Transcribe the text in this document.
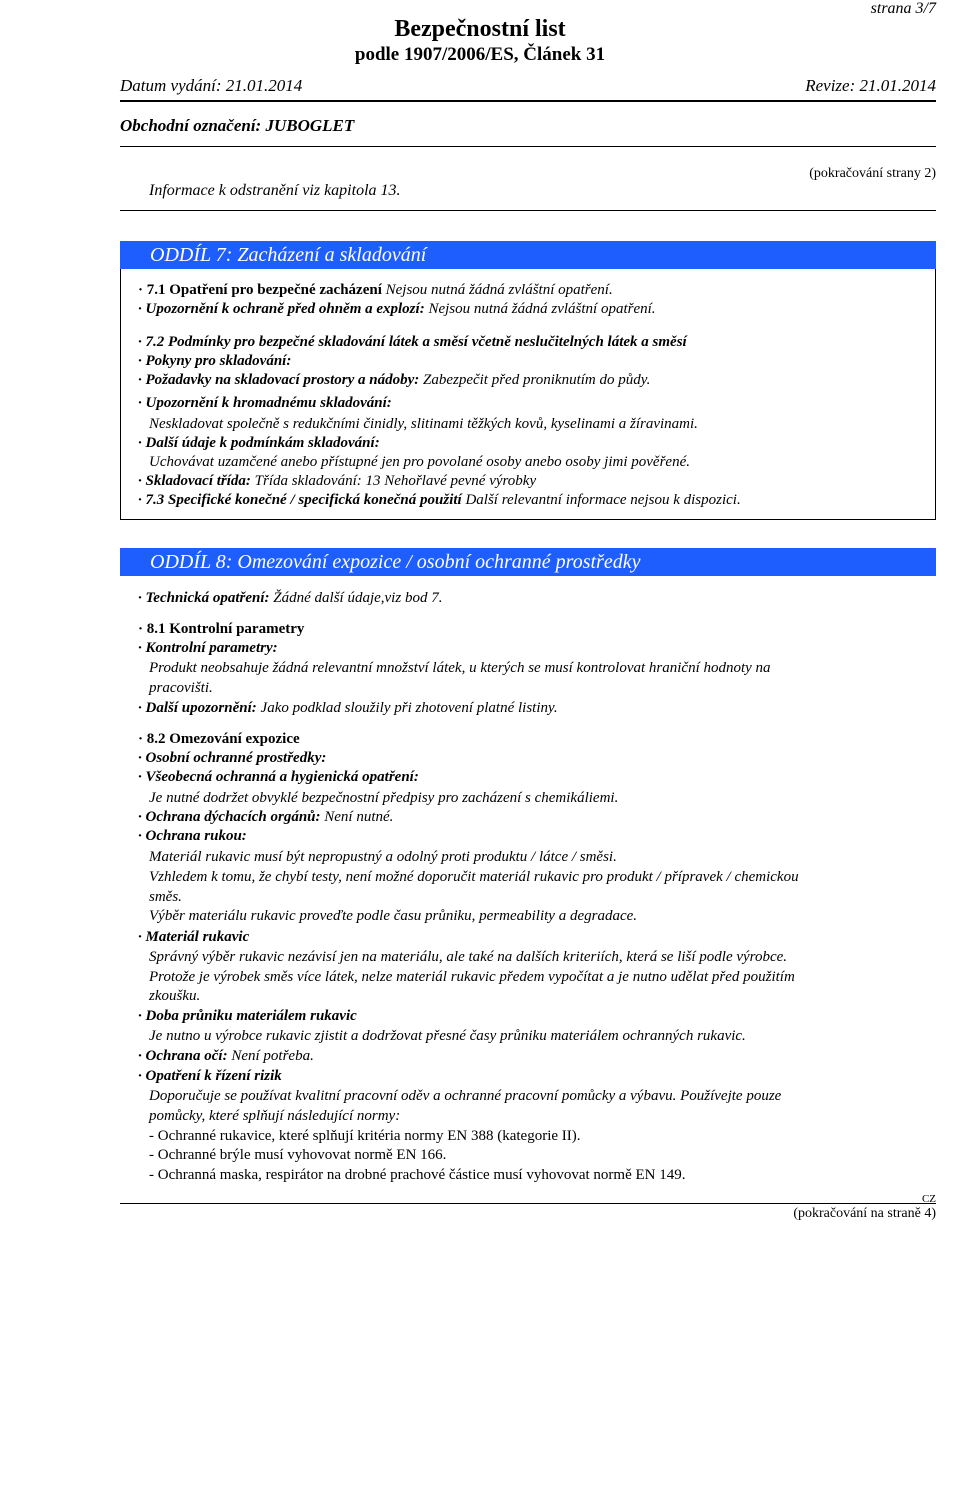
strana 3/7
Bezpečnostní list
podle 1907/2006/ES, Článek 31
Datum vydání: 21.01.2014	Revize: 21.01.2014
Obchodní označení: JUBOGLET
(pokračování strany 2)
Informace k odstranění viz kapitola 13.
ODDÍL 7: Zacházení a skladování
· 7.1 Opatření pro bezpečné zacházení Nejsou nutná žádná zvláštní opatření.
· Upozornění k ochraně před ohněm a explozí: Nejsou nutná žádná zvláštní opatření.
· 7.2 Podmínky pro bezpečné skladování látek a směsí včetně neslučitelných látek a směsí
· Pokyny pro skladování:
· Požadavky na skladovací prostory a nádoby: Zabezpečit před proniknutím do půdy.
· Upozornění k hromadnému skladování:
Neskladovat společně s redukčními činidly, slitinami těžkých kovů, kyselinami a žíravinami.
· Další údaje k podmínkám skladování:
Uchovávat uzamčené anebo přístupné jen pro povolané osoby anebo osoby jimi pověřené.
· Skladovací třída: Třída skladování: 13 Nehořlavé pevné výrobky
· 7.3 Specifické konečné / specifická konečná použití Další relevantní informace nejsou k dispozici.
ODDÍL 8: Omezování expozice / osobní ochranné prostředky
· Technická opatření: Žádné další údaje,viz bod 7.
· 8.1 Kontrolní parametry
· Kontrolní parametry:
Produkt neobsahuje žádná relevantní množství látek, u kterých se musí kontrolovat hraniční hodnoty na
pracovišti.
· Další upozornění: Jako podklad sloužily při zhotovení platné listiny.
· 8.2 Omezování expozice
· Osobní ochranné prostředky:
· Všeobecná ochranná a hygienická opatření:
Je nutné dodržet obvyklé bezpečnostní předpisy pro zacházení s chemikáliemi.
· Ochrana dýchacích orgánů: Není nutné.
· Ochrana rukou:
Materiál rukavic musí být nepropustný a odolný proti produktu / látce / směsi.
Vzhledem k tomu, že chybí testy, není možné doporučit materiál rukavic pro produkt / přípravek / chemickou
směs.
Výběr materiálu rukavic proveďte podle času průniku, permeability a degradace.
· Materiál rukavic
Správný výběr rukavic nezávisí jen na materiálu, ale také na dalších kriteriích, která se liší podle výrobce.
Protože je výrobek směs více látek, nelze materiál rukavic předem vypočítat a je nutno udělat před použitím
zkoušku.
· Doba průniku materiálem rukavic
Je nutno u výrobce rukavic zjistit a dodržovat přesné časy průniku materiálem ochranných rukavic.
· Ochrana očí: Není potřeba.
· Opatření k řízení rizik
Doporučuje se používat kvalitní pracovní oděv a ochranné pracovní pomůcky a výbavu. Používejte pouze
pomůcky, které splňují následující normy:
- Ochranné rukavice, které splňují kritéria normy EN 388 (kategorie II).
- Ochranné brýle musí vyhovovat normě EN 166.
- Ochranná maska, respirátor na drobné prachové částice musí vyhovovat normě EN 149.
CZ
(pokračování na straně 4)
